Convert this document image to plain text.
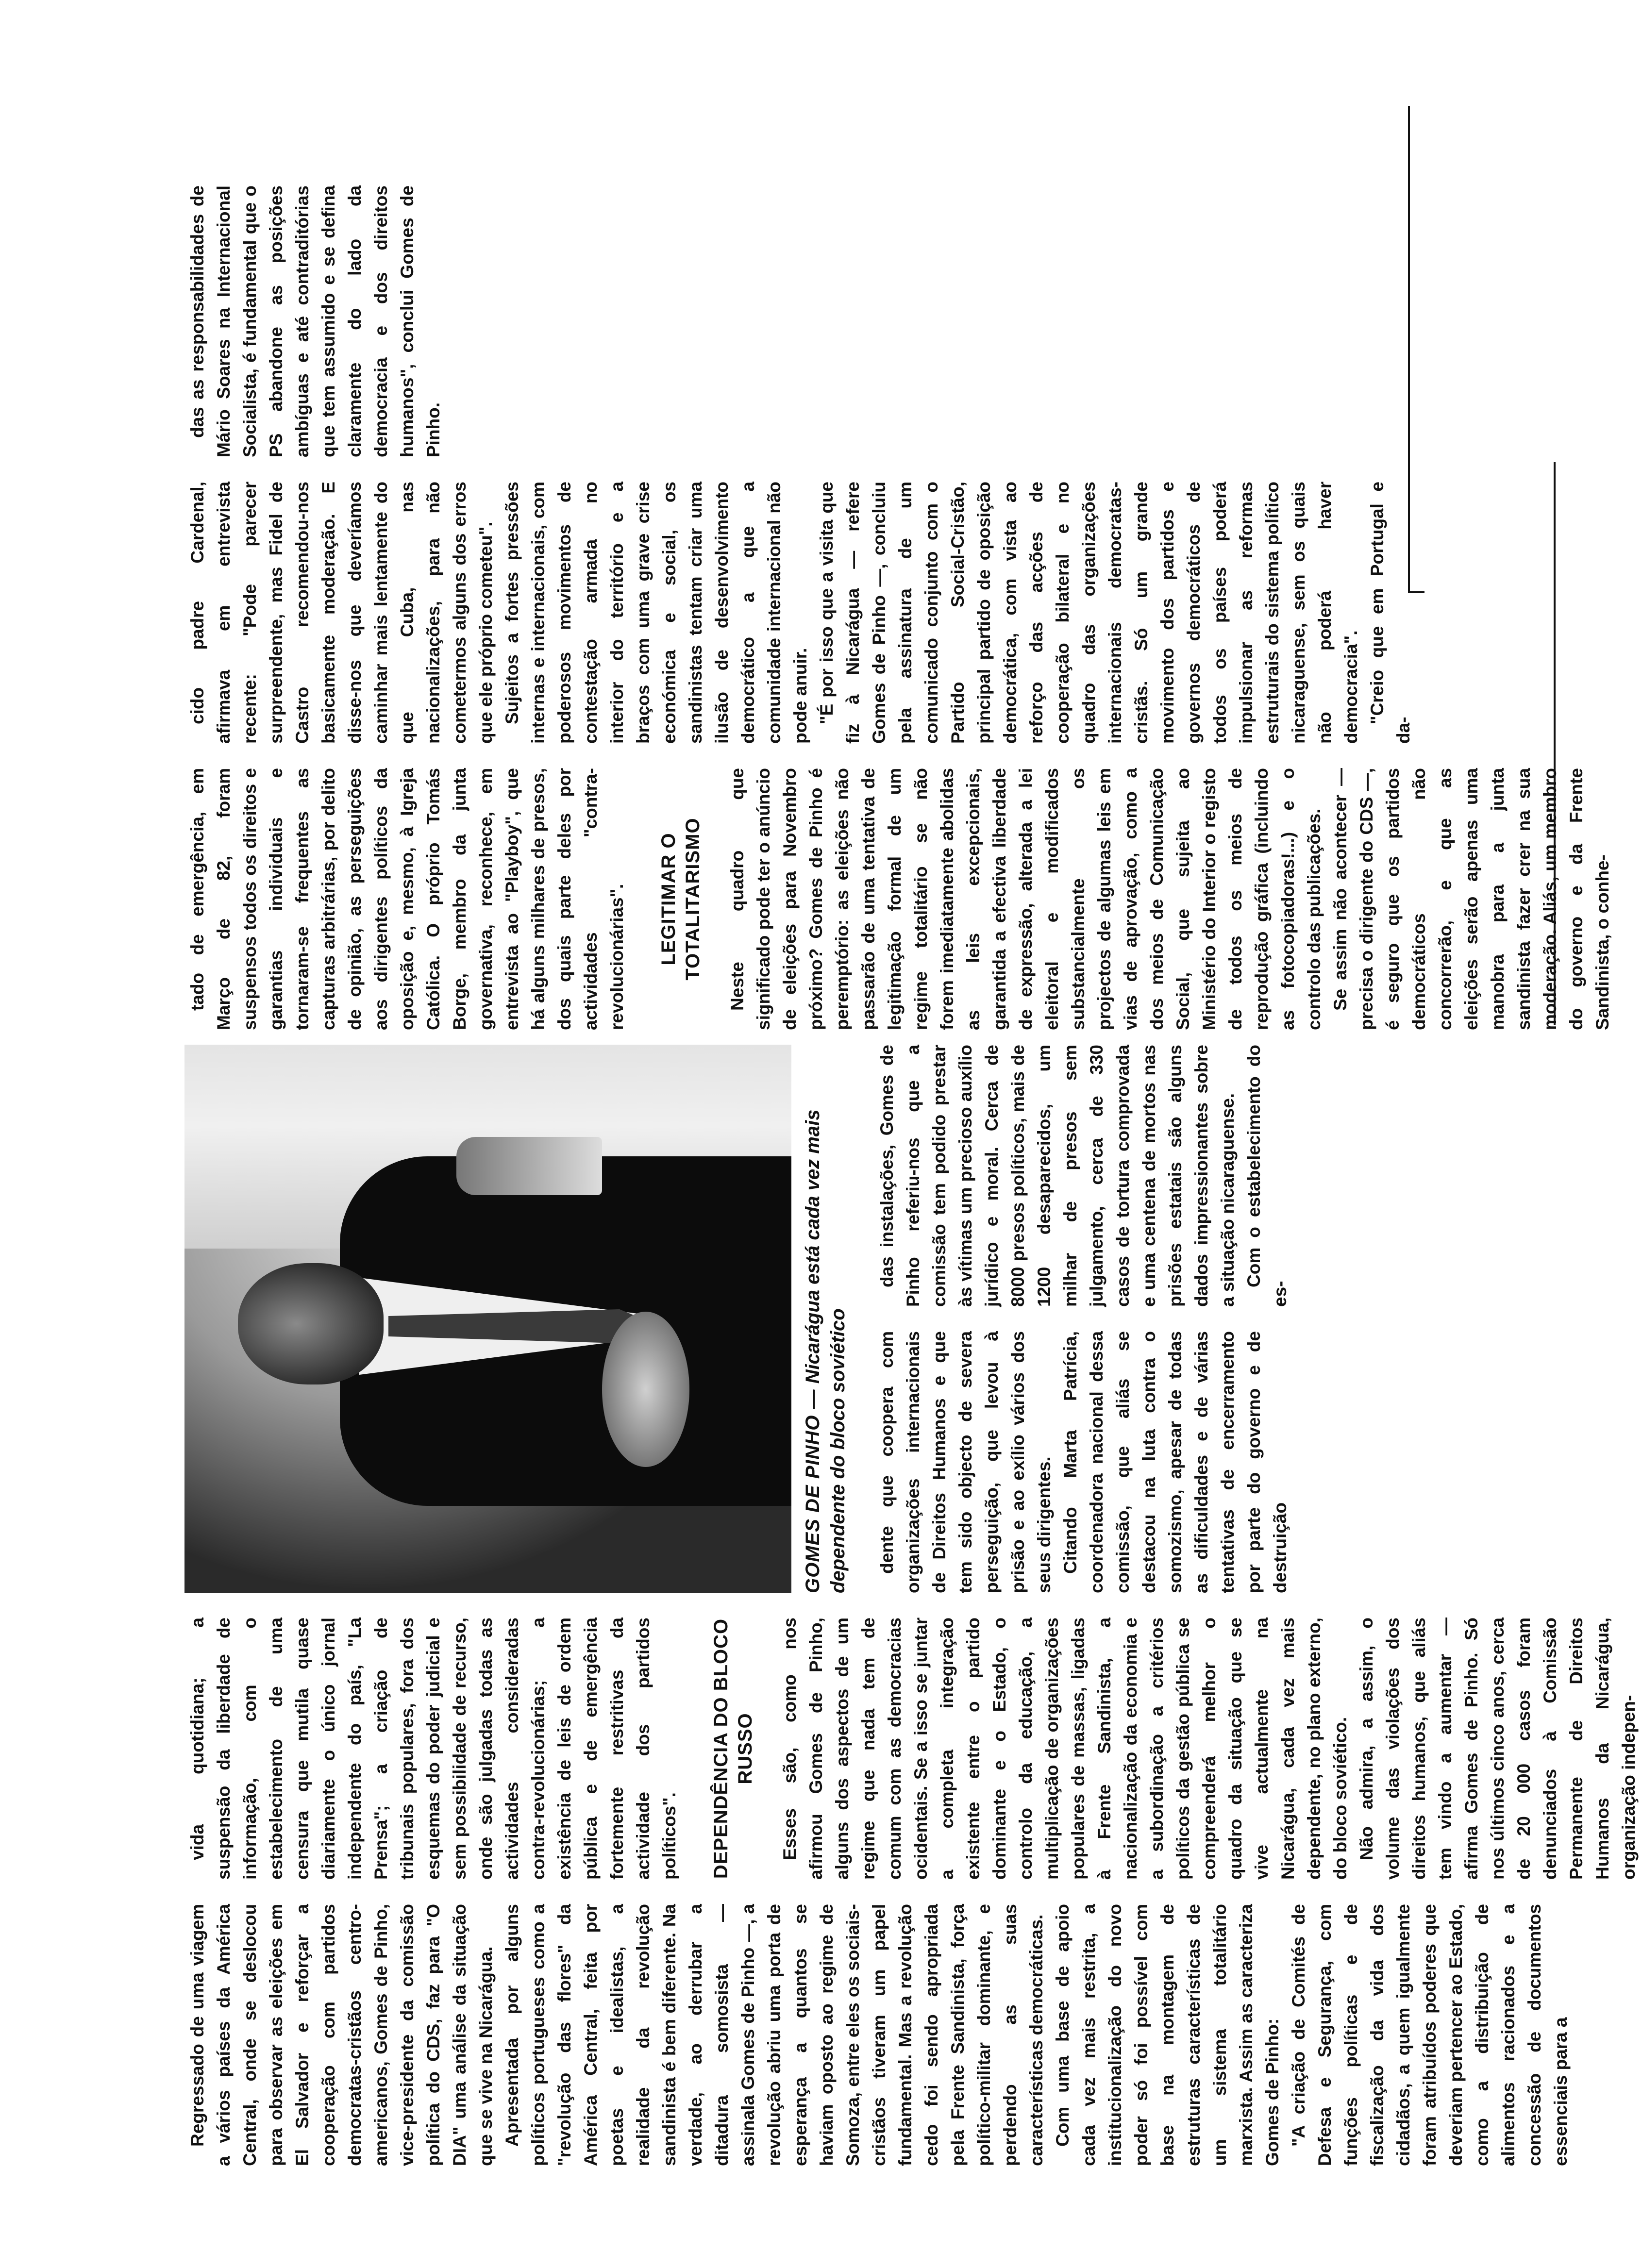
Regressado de uma viagem a vários países da América Central, onde se deslocou para observar as eleições em El Salvador e reforçar a cooperação com partidos democratas-cristãos centro-americanos, Gomes de Pinho, vice-presidente da comissão política do CDS, faz para "O DIA" uma análise da situação que se vive na Nicarágua. Apresentada por alguns políticos portugueses como a "revolução das flores" da América Central, feita por poetas e idealistas, a realidade da revolução sandinista é bem diferente. Na verdade, ao derrubar a ditadura somosista — assinala Gomes de Pinho —, a revolução abriu uma porta de esperança a quantos se haviam oposto ao regime de Somoza, entre eles os sociais-cristãos tiveram um papel fundamental. Mas a revolução cedo foi sendo apropriada pela Frente Sandinista, força político-militar dominante, e perdendo as suas características democráticas. Com uma base de apoio cada vez mais restrita, a institucionalização do novo poder só foi possível com base na montagem de estruturas características de um sistema totalitário marxista. Assim as caracteriza Gomes de Pinho: "A criação de Comités de Defesa e Segurança, com funções políticas e de fiscalização da vida dos cidadãos, a quem igualmente foram atribuídos poderes que deveriam pertencer ao Estado, como a distribuição de alimentos racionados e a concessão de documentos essenciais para a

vida quotidiana; a suspensão da liberdade de informação, com o estabelecimento de uma censura que mutila quase diariamente o único jornal independente do país, "La Prensa"; a criação de tribunais populares, fora dos esquemas do poder judicial e sem possibilidade de recurso, onde são julgadas todas as actividades consideradas contra-revolucionárias; a existência de leis de ordem pública e de emergência fortemente restritivas da actividade dos partidos políticos". DEPENDÊNCIA DO BLOCO RUSSO Esses são, como nos afirmou Gomes de Pinho, alguns dos aspectos de um regime que nada tem de comum com as democracias ocidentais. Se a isso se juntar a completa integração existente entre o partido dominante e o Estado, o controlo da educação, a multiplicação de organizações populares de massas, ligadas à Frente Sandinista, a nacionalização da economia e a subordinação a critérios políticos da gestão pública se compreenderá melhor o quadro da situação que se vive actualmente na Nicarágua, cada vez mais dependente, no plano externo, do bloco soviético. Não admira, a assim, o volume das violações dos direitos humanos, que aliás tem vindo a aumentar — afirma Gomes de Pinho. Só nos últimos cinco anos, cerca de 20 000 casos foram denunciados à Comissão Permanente de Direitos Humanos da Nicarágua, organização indepen-

GOMES DE PINHO — Nicarágua está cada vez mais dependente do bloco soviético dente que coopera com organizações internacionais de Direitos Humanos e que tem sido objecto de severa perseguição, que levou à prisão e ao exílio vários dos seus dirigentes. Citando Marta Patrícia, coordenadora nacional dessa comissão, que aliás se destacou na luta contra o somozismo, apesar de todas as dificuldades e de várias tentativas de encerramento por parte do governo e de destruição

das instalações, Gomes de Pinho referiu-nos que a comissão tem podido prestar às vítimas um precioso auxílio jurídico e moral. Cerca de 8000 presos políticos, mais de 1200 desaparecidos, um milhar de presos sem julgamento, cerca de 330 casos de tortura comprovada e uma centena de mortos nas prisões estatais são alguns dados impressionantes sobre a situação nicaraguense. Com o estabelecimento do es-

tado de emergência, em Março de 82, foram suspensos todos os direitos e garantias individuais e tornaram-se frequentes as capturas arbitrárias, por delito de opinião, as perseguições aos dirigentes políticos da oposição e, mesmo, à Igreja Católica. O próprio Tomás Borge, membro da junta governativa, reconhece, em entrevista ao "Playboy", que há alguns milhares de presos, dos quais parte deles por actividades "contra-revolucionárias". LEGITIMAR O TOTALITARISMO Neste quadro que significado pode ter o anúncio de eleições para Novembro próximo? Gomes de Pinho é peremptório: as eleições não passarão de uma tentativa de legitimação formal de um regime totalitário se não forem imediatamente abolidas as leis excepcionais, garantida a efectiva liberdade de expressão, alterada a lei eleitoral e modificados substancialmente os projectos de algumas leis em vias de aprovação, como a dos meios de Comunicação Social, que sujeita ao Ministério do Interior o registo de todos os meios de reprodução gráfica (incluindo as fotocopiadoras!...) e o controlo das publicações. Se assim não acontecer — precisa o dirigente do CDS —, é seguro que os partidos democráticos não concorrerão, e que as eleições serão apenas uma manobra para a junta sandinista fazer crer na sua moderação. Aliás, um membro do governo e da Frente Sandinista, o conhe-

cido padre Cardenal, afirmava em entrevista recente: "Pode parecer surpreendente, mas Fidel de Castro recomendou-nos basicamente moderação. E disse-nos que deveríamos caminhar mais lentamente do que Cuba, nas nacionalizações, para não cometermos alguns dos erros que ele próprio cometeu". Sujeitos a fortes pressões internas e internacionais, com poderosos movimentos de contestação armada no interior do território e a braços com uma grave crise económica e social, os sandinistas tentam criar uma ilusão de desenvolvimento democrático a que a comunidade internacional não pode anuir. "É por isso que a visita que fiz à Nicarágua — refere Gomes de Pinho —, concluiu pela assinatura de um comunicado conjunto com o Partido Social-Cristão, principal partido de oposição democrática, com vista ao reforço das acções de cooperação bilateral e no quadro das organizações internacionais democratas-cristãs. Só um grande movimento dos partidos e governos democráticos de todos os países poderá impulsionar as reformas estruturais do sistema político nicaraguense, sem os quais não poderá haver democracia". "Creio que em Portugal e da-

das as responsabilidades de Mário Soares na Internacional Socialista, é fundamental que o PS abandone as posições ambíguas e até contraditórias que tem assumido e se defina claramente do lado da democracia e dos direitos humanos", conclui Gomes de Pinho.
